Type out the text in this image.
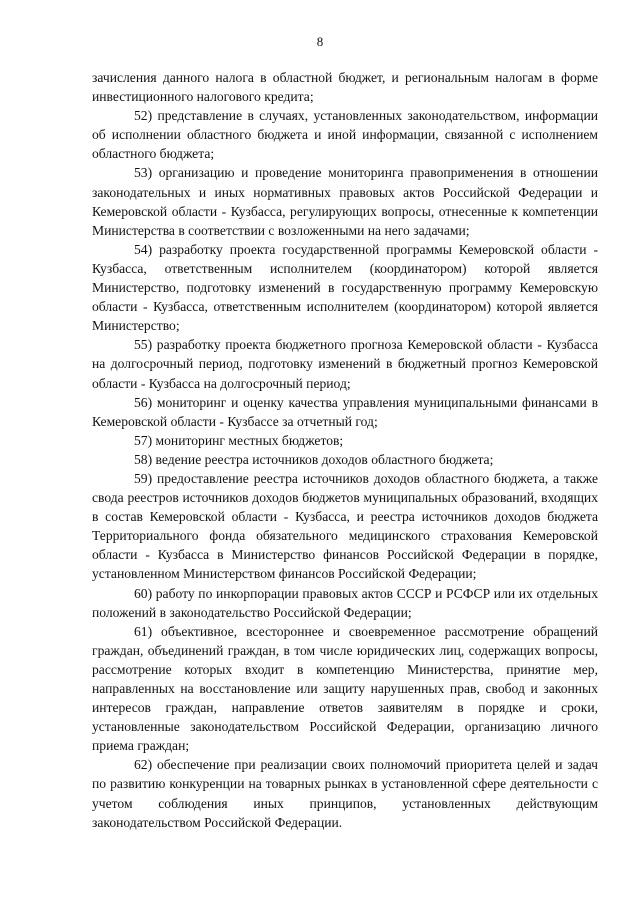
8

зачисления данного налога в областной бюджет, и региональным налогам в форме инвестиционного налогового кредита;

52) представление в случаях, установленных законодательством, информации об исполнении областного бюджета и иной информации, связанной с исполнением областного бюджета;

53) организацию и проведение мониторинга правоприменения в отношении законодательных и иных нормативных правовых актов Российской Федерации и Кемеровской области - Кузбасса, регулирующих вопросы, отнесенные к компетенции Министерства в соответствии с возложенными на него задачами;

54) разработку проекта государственной программы Кемеровской области - Кузбасса, ответственным исполнителем (координатором) которой является Министерство, подготовку изменений в государственную программу Кемеровскую области - Кузбасса, ответственным исполнителем (координатором) которой является Министерство;

55) разработку проекта бюджетного прогноза Кемеровской области - Кузбасса на долгосрочный период, подготовку изменений в бюджетный прогноз Кемеровской области - Кузбасса на долгосрочный период;

56) мониторинг и оценку качества управления муниципальными финансами в Кемеровской области - Кузбассе за отчетный год;

57) мониторинг местных бюджетов;

58) ведение реестра источников доходов областного бюджета;

59) предоставление реестра источников доходов областного бюджета, а также свода реестров источников доходов бюджетов муниципальных образований, входящих в состав Кемеровской области - Кузбасса, и реестра источников доходов бюджета Территориального фонда обязательного медицинского страхования Кемеровской области - Кузбасса в Министерство финансов Российской Федерации в порядке, установленном Министерством финансов Российской Федерации;

60) работу по инкорпорации правовых актов СССР и РСФСР или их отдельных положений в законодательство Российской Федерации;

61) объективное, всестороннее и своевременное рассмотрение обращений граждан, объединений граждан, в том числе юридических лиц, содержащих вопросы, рассмотрение которых входит в компетенцию Министерства, принятие мер, направленных на восстановление или защиту нарушенных прав, свобод и законных интересов граждан, направление ответов заявителям в порядке и сроки, установленные законодательством Российской Федерации, организацию личного приема граждан;

62) обеспечение при реализации своих полномочий приоритета целей и задач по развитию конкуренции на товарных рынках в установленной сфере деятельности с учетом соблюдения иных принципов, установленных действующим законодательством Российской Федерации.
